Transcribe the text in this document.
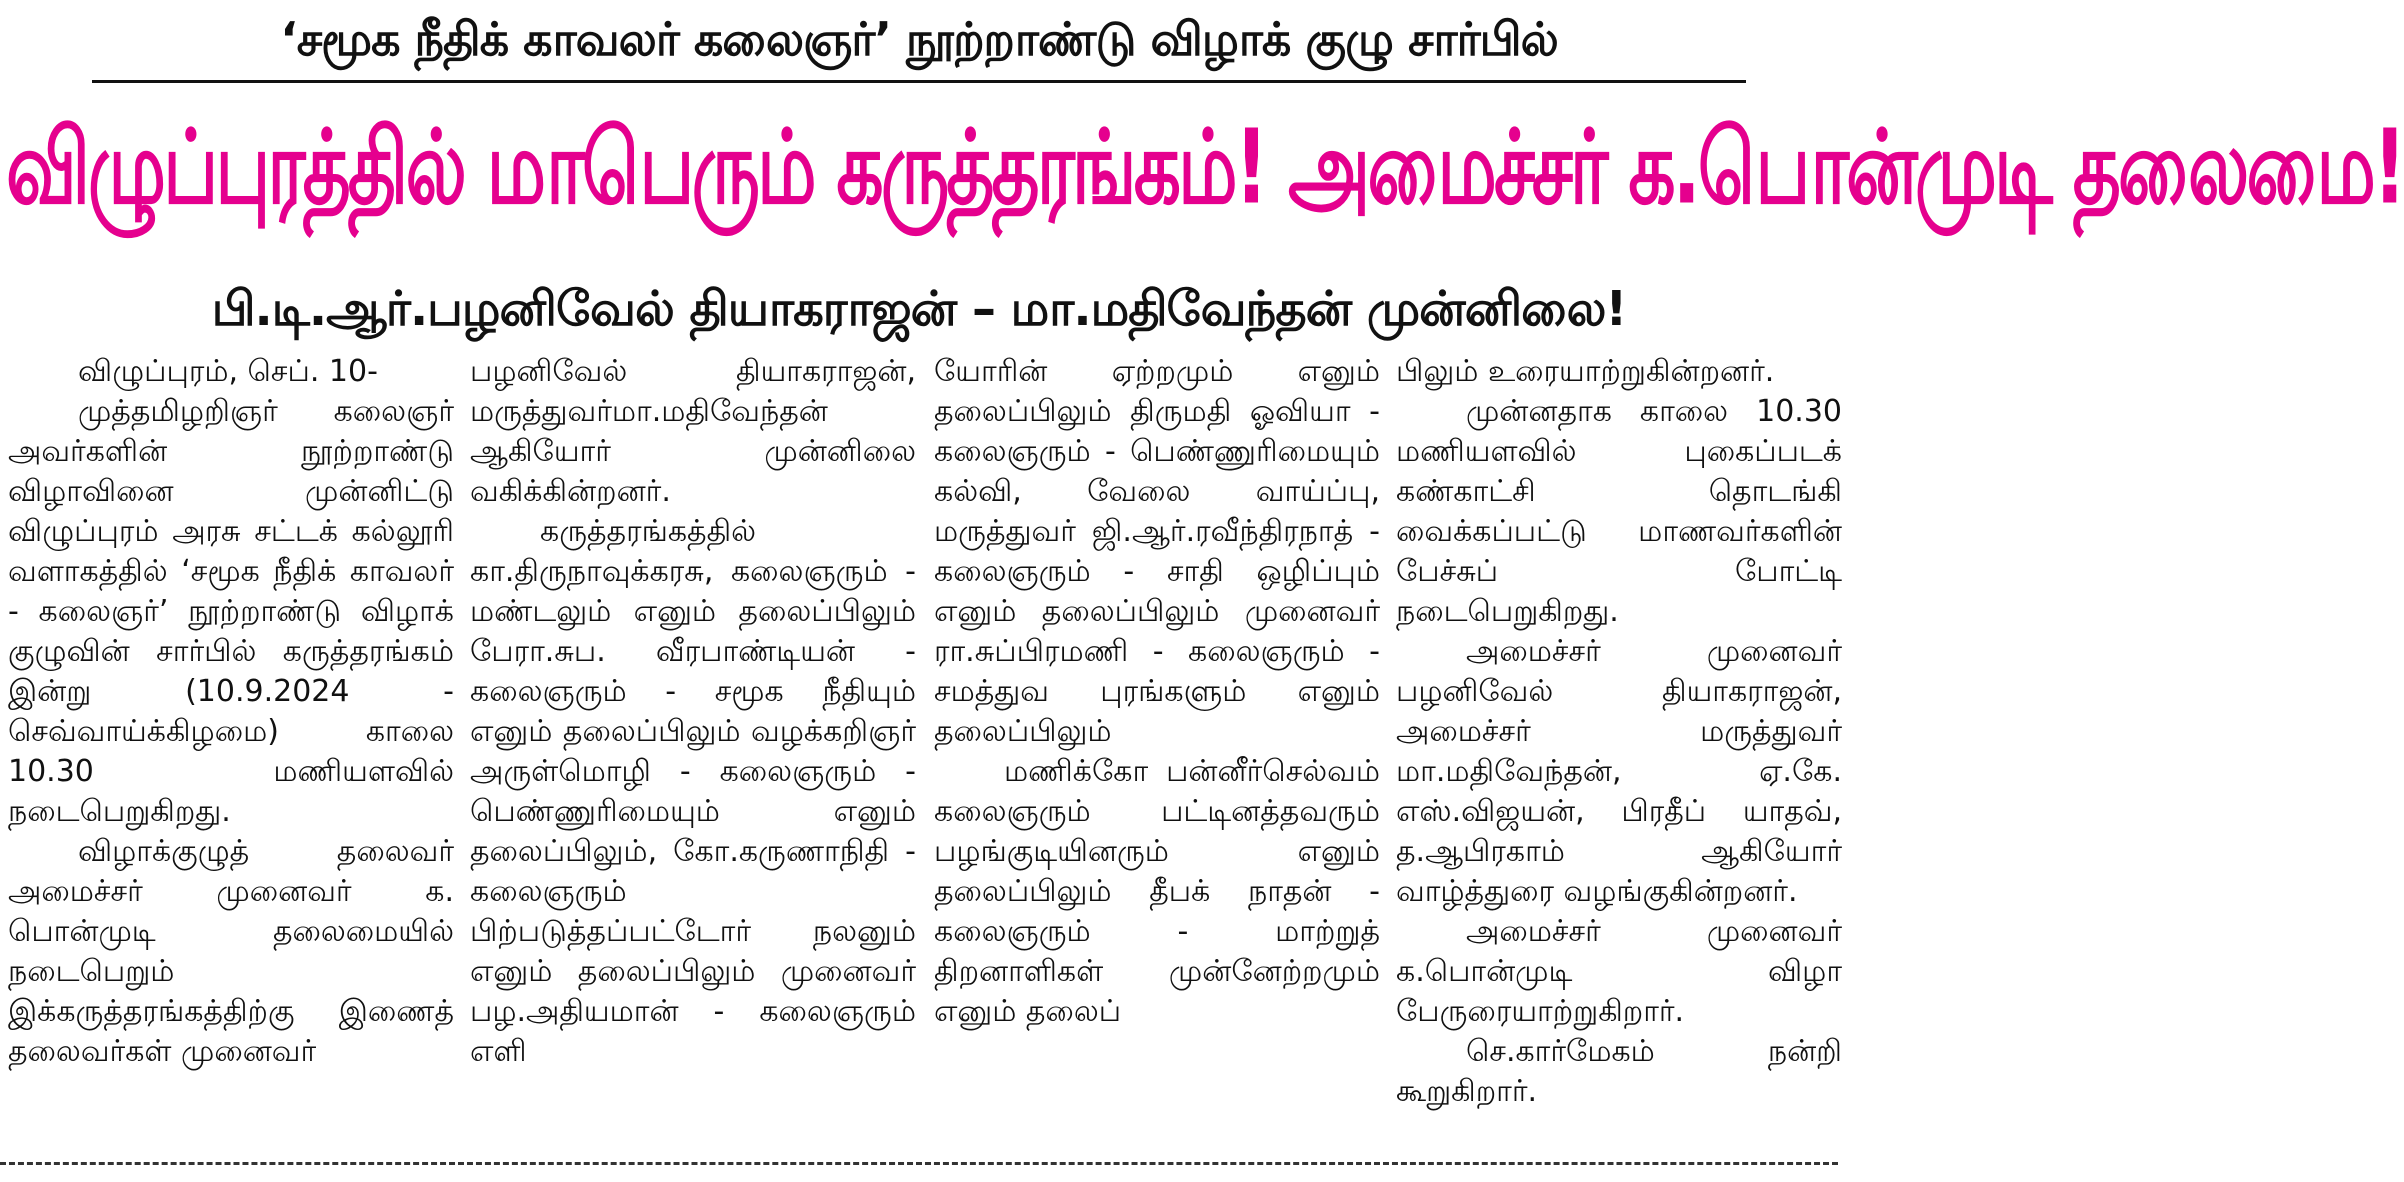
‘சமூக நீதிக் காவலர் கலைஞர்’ நூற்றாண்டு விழாக் குழு சார்பில்
விழுப்புரத்தில் மாபெரும் கருத்தரங்கம்! அமைச்சர் க.பொன்முடி தலைமை!
பி.டி.ஆர்.பழனிவேல் தியாகராஜன் – மா.மதிவேந்தன் முன்னிலை!

விழுப்புரம், செப். 10-

முத்தமிழறிஞர் கலைஞர் அவர்களின் நூற்றாண்டு விழாவினை முன்னிட்டு விழுப்புரம் அரசு சட்டக் கல்லூரி வளாகத்தில் ‘சமூக நீதிக் காவலர் - கலைஞர்’ நூற்றாண்டு விழாக் குழுவின் சார்பில் கருத்தரங்கம் இன்று (10.9.2024 - செவ்வாய்க்கிழமை) காலை 10.30 மணியளவில் நடைபெறுகிறது.

விழாக்குழுத் தலைவர் அமைச்சர் முனைவர் க. பொன்முடி தலைமையில் நடைபெறும் இக்கருத்தரங்கத்திற்கு இணைத் தலைவர்கள் முனைவர்

பழனிவேல் தியாகராஜன், மருத்துவர்மா.மதிவேந்தன் ஆகியோர் முன்னிலை வகிக்கின்றனர்.

கருத்தரங்கத்தில் கா.திருநாவுக்கரசு, கலைஞரும் - மண்டலும் எனும் தலைப்பிலும் பேரா.சுப. வீரபாண்டியன் - கலைஞரும் - சமூக நீதியும் எனும் தலைப்பிலும் வழக்கறிஞர் அருள்மொழி - கலைஞரும் - பெண்ணுரிமையும் எனும் தலைப்பிலும், கோ.கருணாநிதி - கலைஞரும் பிற்படுத்தப்பட்டோர் நலனும் எனும் தலைப்பிலும் முனைவர் பழ.அதியமான் - கலைஞரும் எளி

யோரின் ஏற்றமும் எனும் தலைப்பிலும் திருமதி ஓவியா - கலைஞரும் - பெண்ணுரிமையும் கல்வி, வேலை வாய்ப்பு, மருத்துவர் ஜி.ஆர்.ரவீந்திரநாத் - கலைஞரும் - சாதி ஒழிப்பும் எனும் தலைப்பிலும் முனைவர் ரா.சுப்பிரமணி - கலைஞரும் - சமத்துவ புரங்களும் எனும் தலைப்பிலும்

மணிக்கோ பன்னீர்செல்வம் கலைஞரும் பட்டினத்தவரும் பழங்குடியினரும் எனும் தலைப்பிலும் தீபக் நாதன் - கலைஞரும் - மாற்றுத் திறனாளிகள் முன்னேற்றமும் எனும் தலைப்

பிலும் உரையாற்றுகின்றனர்.

முன்னதாக காலை 10.30 மணியளவில் புகைப்படக் கண்காட்சி தொடங்கி வைக்கப்பட்டு மாணவர்களின் பேச்சுப் போட்டி நடைபெறுகிறது.

அமைச்சர் முனைவர் பழனிவேல் தியாகராஜன், அமைச்சர் மருத்துவர் மா.மதிவேந்தன், ஏ.கே. எஸ்.விஜயன், பிரதீப் யாதவ், த.ஆபிரகாம் ஆகியோர் வாழ்த்துரை வழங்குகின்றனர்.

அமைச்சர் முனைவர் க.பொன்முடி விழா பேருரையாற்றுகிறார்.

செ.கார்மேகம் நன்றி கூறுகிறார்.
